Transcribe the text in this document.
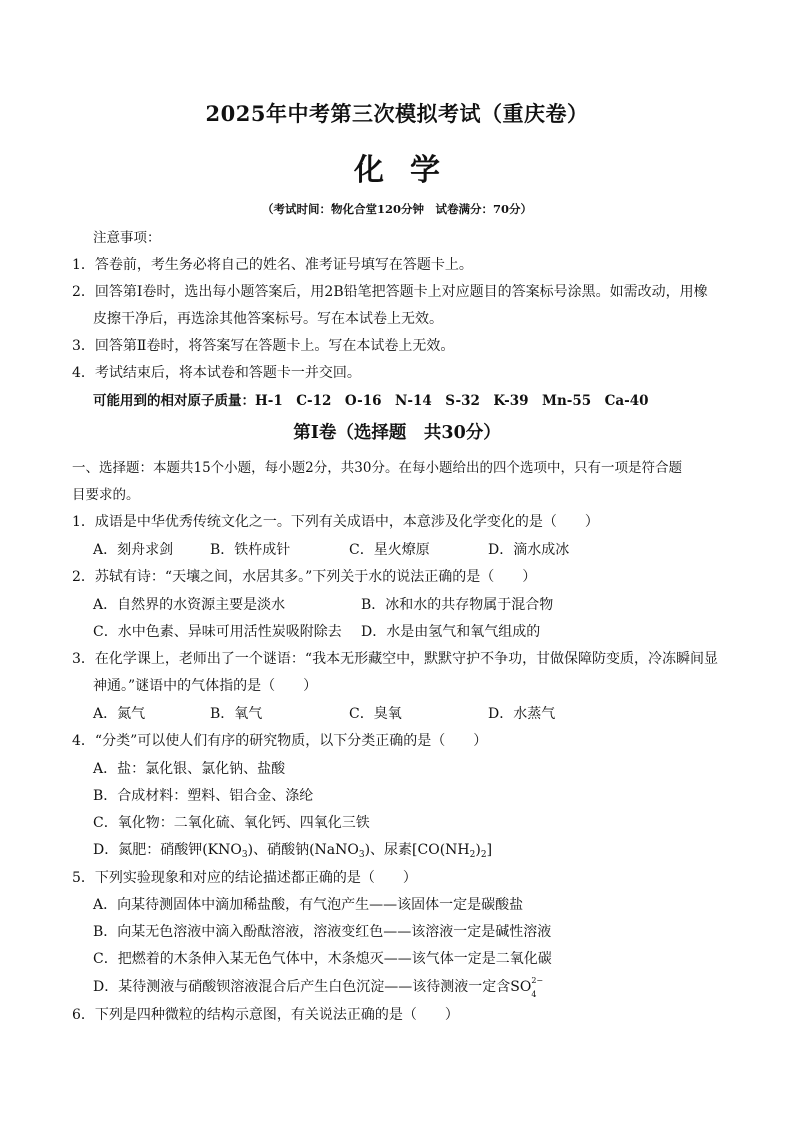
2025年中考第三次模拟考试（重庆卷）
化学
（考试时间：物化合堂120分钟　试卷满分：70分）
注意事项：
1．答卷前，考生务必将自己的姓名、准考证号填写在答题卡上。
2．回答第Ⅰ卷时，选出每小题答案后，用2B铅笔把答题卡上对应题目的答案标号涂黑。如需改动，用橡
皮擦干净后，再选涂其他答案标号。写在本试卷上无效。
3．回答第Ⅱ卷时，将答案写在答题卡上。写在本试卷上无效。
4．考试结束后，将本试卷和答题卡一并交回。
可能用到的相对原子质量：H-1　C-12　O-16　N-14　S-32　K-39　Mn-55　Ca-40
第Ⅰ卷（选择题　共30分）
一、选择题：本题共15个小题，每小题2分，共30分。在每小题给出的四个选项中，只有一项是符合题
目要求的。
1．成语是中华优秀传统文化之一。下列有关成语中，本意涉及化学变化的是（　　）
A．刻舟求剑	B．铁杵成针	C．星火燎原	D．滴水成冰
2．苏轼有诗：“天壤之间，水居其多。”下列关于水的说法正确的是（　　）
A．自然界的水资源主要是淡水	B．冰和水的共存物属于混合物
C．水中色素、异味可用活性炭吸附除去 D．水是由氢气和氧气组成的
3．在化学课上，老师出了一个谜语：“我本无形藏空中，默默守护不争功，甘做保障防变质，冷冻瞬间显
神通。”谜语中的气体指的是（　　）
A．氮气	B．氧气	C．臭氧	D．水蒸气
4．“分类”可以使人们有序的研究物质，以下分类正确的是（　　）
A．盐：氯化银、氯化钠、盐酸
B．合成材料：塑料、铝合金、涤纶
C．氧化物：二氧化硫、氧化钙、四氧化三铁
D．氮肥：硝酸钾$(KNO_3)$、硝酸钠(NaNO$_3$)、尿素$[CO(NH_2)_2]$
5．下列实验现象和对应的结论描述都正确的是（　　）
A．向某待测固体中滴加稀盐酸，有气泡产生——该固体一定是碳酸盐
B．向某无色溶液中滴入酚酞溶液，溶液变红色——该溶液一定是碱性溶液
C．把燃着的木条伸入某无色气体中，木条熄灭——该气体一定是二氧化碳
D．某待测液与硝酸钡溶液混合后产生白色沉淀——该待测液一定含SO 2−
4
6．下列是四种微粒的结构示意图，有关说法正确的是（　　）
